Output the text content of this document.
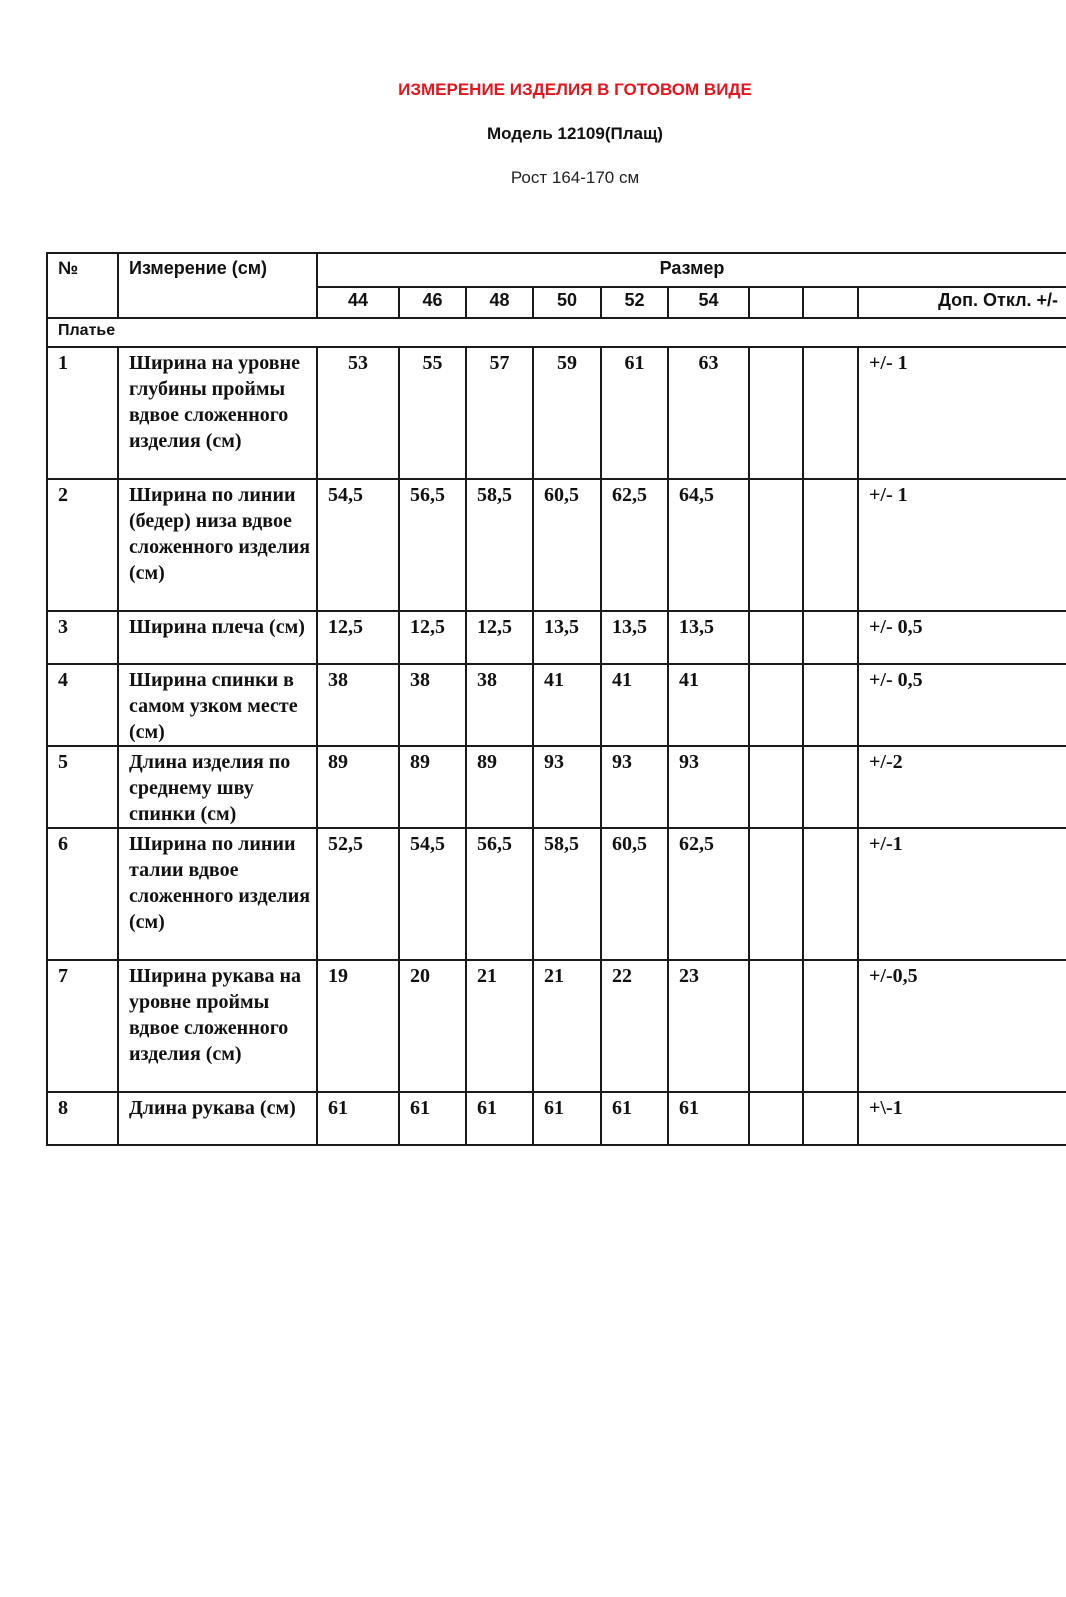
ИЗМЕРЕНИЕ ИЗДЕЛИЯ В ГОТОВОМ ВИДЕ
Модель 12109(Плащ)
Рост 164-170 см
№	Измерение (см)	Размер								
		44	46	48	50	52	54			Доп. Откл. +/-
Платье										
1	Ширина на уровне глубины проймы вдвое сложенного изделия (см)	53	55	57	59	61	63			+/- 1
2	Ширина по линии (бедер) низа вдвое сложенного изделия (см)	54,5	56,5	58,5	60,5	62,5	64,5			+/- 1
3	Ширина плеча (см)	12,5	12,5	12,5	13,5	13,5	13,5			+/- 0,5
4	Ширина спинки в самом узком месте (см)	38	38	38	41	41	41			+/- 0,5
5	Длина изделия по среднему шву спинки (см)	89	89	89	93	93	93			+/-2
6	Ширина по линии талии вдвое сложенного изделия (см)	52,5	54,5	56,5	58,5	60,5	62,5			+/-1
7	Ширина рукава на уровне проймы вдвое сложенного изделия (см)	19	20	21	21	22	23			+/-0,5
8	Длина рукава (см)	61	61	61	61	61	61			+\-1
